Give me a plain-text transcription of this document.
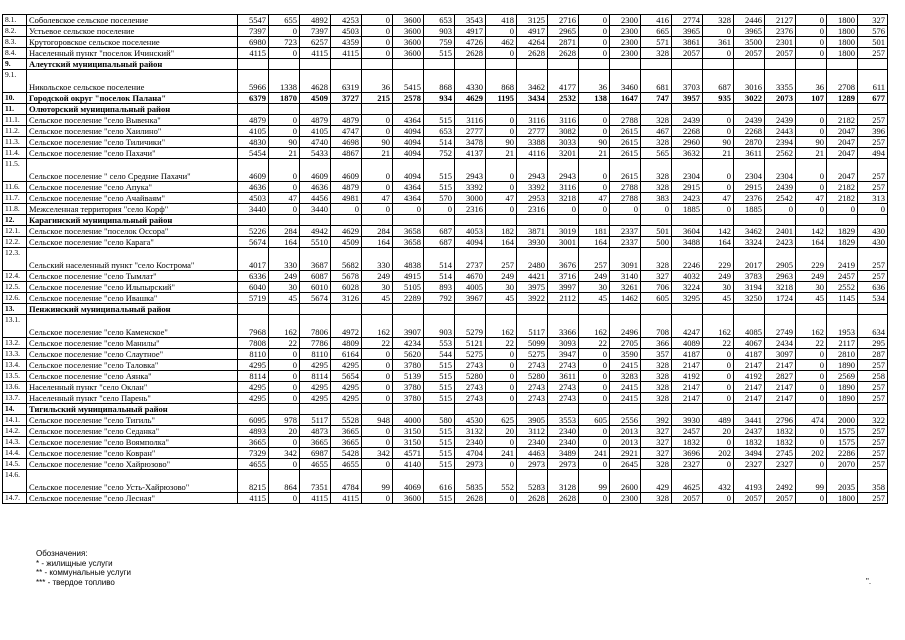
8.1.	Соболевское сельское поселение	5547	655	4892	4253	0	3600	653	3543	418	3125	2716	0	2300	416	2774	328	2446	2127	0	1800	327
8.2.	Устьевое сельское поселение	7397	0	7397	4503	0	3600	903	4917	0	4917	2965	0	2300	665	3965	0	3965	2376	0	1800	576
8.3.	Крутогоровское сельское поселение	6980	723	6257	4359	0	3600	759	4726	462	4264	2871	0	2300	571	3861	361	3500	2301	0	1800	501
8.4.	Населенный пункт "поселок Ичинский"	4115	0	4115	4115	0	3600	515	2628	0	2628	2628	0	2300	328	2057	0	2057	2057	0	1800	257
9.	Алеутский муниципальный район																					
9.1.	Никольское сельское поселение	5966	1338	4628	6319	36	5415	868	4330	868	3462	4177	36	3460	681	3703	687	3016	3355	36	2708	611
10.	Городской округ "поселок Палана"	6379	1870	4509	3727	215	2578	934	4629	1195	3434	2532	138	1647	747	3957	935	3022	2073	107	1289	677
11.	Олюторский муниципальный район																					
11.1.	Сельское поселение "село Вывенка"	4879	0	4879	4879	0	4364	515	3116	0	3116	3116	0	2788	328	2439	0	2439	2439	0	2182	257
11.2.	Сельское поселение "село Хаилино"	4105	0	4105	4747	0	4094	653	2777	0	2777	3082	0	2615	467	2268	0	2268	2443	0	2047	396
11.3.	Сельское поселение "село Тиличики"	4830	90	4740	4698	90	4094	514	3478	90	3388	3033	90	2615	328	2960	90	2870	2394	90	2047	257
11.4.	Сельское поселение "село Пахачи"	5454	21	5433	4867	21	4094	752	4137	21	4116	3201	21	2615	565	3632	21	3611	2562	21	2047	494
11.5.	Сельское поселение " село Средние Пахачи"	4609	0	4609	4609	0	4094	515	2943	0	2943	2943	0	2615	328	2304	0	2304	2304	0	2047	257
11.6.	Сельское поселение "село Апука"	4636	0	4636	4879	0	4364	515	3392	0	3392	3116	0	2788	328	2915	0	2915	2439	0	2182	257
11.7.	Сельское поселение "село Ачайваям"	4503	47	4456	4981	47	4364	570	3000	47	2953	3218	47	2788	383	2423	47	2376	2542	47	2182	313
11.8.	Межселенная территория "село Корф"	3440	0	3440	0	0	0	0	2316	0	2316	0	0	0	0	1885	0	1885	0	0	0	0
12.	Карагинский муниципальный район																					
12.1.	Сельское поселение "поселок Оссора"	5226	284	4942	4629	284	3658	687	4053	182	3871	3019	181	2337	501	3604	142	3462	2401	142	1829	430
12.2.	Сельское поселение "село Карага"	5674	164	5510	4509	164	3658	687	4094	164	3930	3001	164	2337	500	3488	164	3324	2423	164	1829	430
12.3.	Сельский населенный пункт "село Кострома"	4017	330	3687	5682	330	4838	514	2737	257	2480	3676	257	3091	328	2246	229	2017	2905	229	2419	257
12.4.	Сельское поселение "село Тымлат"	6336	249	6087	5678	249	4915	514	4670	249	4421	3716	249	3140	327	4032	249	3783	2963	249	2457	257
12.5.	Сельское поселение "село Ильпырский"	6040	30	6010	6028	30	5105	893	4005	30	3975	3997	30	3261	706	3224	30	3194	3218	30	2552	636
12.6.	Сельское поселение "село Ивашка"	5719	45	5674	3126	45	2289	792	3967	45	3922	2112	45	1462	605	3295	45	3250	1724	45	1145	534
13.	Пенжинский муниципальный район																					
13.1.	Сельское поселение "село Каменское"	7968	162	7806	4972	162	3907	903	5279	162	5117	3366	162	2496	708	4247	162	4085	2749	162	1953	634
13.2.	Сельское поселение "село Манилы"	7808	22	7786	4809	22	4234	553	5121	22	5099	3093	22	2705	366	4089	22	4067	2434	22	2117	295
13.3.	Сельское поселение "село Слаутное"	8110	0	8110	6164	0	5620	544	5275	0	5275	3947	0	3590	357	4187	0	4187	3097	0	2810	287
13.4.	Сельское поселение "село Таловка"	4295	0	4295	4295	0	3780	515	2743	0	2743	2743	0	2415	328	2147	0	2147	2147	0	1890	257
13.5.	Сельское поселение "село Аянка"	8114	0	8114	5654	0	5139	515	5280	0	5280	3611	0	3283	328	4192	0	4192	2827	0	2569	258
13.6.	Населенный пункт "село Оклан"	4295	0	4295	4295	0	3780	515	2743	0	2743	2743	0	2415	328	2147	0	2147	2147	0	1890	257
13.7.	Населенный пункт "село Парень"	4295	0	4295	4295	0	3780	515	2743	0	2743	2743	0	2415	328	2147	0	2147	2147	0	1890	257
14.	Тигильский муниципальный район																					
14.1.	Сельское поселение "село Тигиль"	6095	978	5117	5528	948	4000	580	4530	625	3905	3553	605	2556	392	3930	489	3441	2796	474	2000	322
14.2.	Сельское поселение "село Седанка"	4893	20	4873	3665	0	3150	515	3132	20	3112	2340	0	2013	327	2457	20	2437	1832	0	1575	257
14.3.	Сельское поселение "село Воямполка"	3665	0	3665	3665	0	3150	515	2340	0	2340	2340	0	2013	327	1832	0	1832	1832	0	1575	257
14.4.	Сельское поселение "село Ковран"	7329	342	6987	5428	342	4571	515	4704	241	4463	3489	241	2921	327	3696	202	3494	2745	202	2286	257
14.5.	Сельское поселение "село Хайрюзово"	4655	0	4655	4655	0	4140	515	2973	0	2973	2973	0	2645	328	2327	0	2327	2327	0	2070	257
14.6.	Сельское поселение "село Усть-Хайрюзово"	8215	864	7351	4784	99	4069	616	5835	552	5283	3128	99	2600	429	4625	432	4193	2492	99	2035	358
14.7.	Сельское поселение "село Лесная"	4115	0	4115	4115	0	3600	515	2628	0	2628	2628	0	2300	328	2057	0	2057	2057	0	1800	257
Обозначения:
* - жилищные услуги
** - коммунальные услуги
*** - твердое топливо	".
